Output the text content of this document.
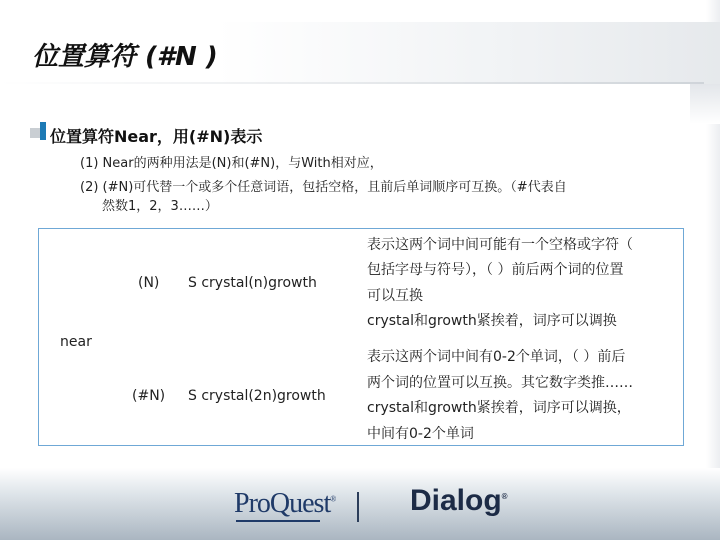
位置算符 (#N )
位置算符Near，用(#N)表示
(1) Near的两种用法是(N)和(#N)，与With相对应，
(2) (#N)可代替一个或多个任意词语，包括空格，且前后单词顺序可互换。（#代表自
然数1，2，3……）
near
(N) S crystal(n)growth
表示这两个词中间可能有一个空格或字符（
包括字母与符号），（ ）前后两个词的位置
可以互换
crystal和growth紧挨着，词序可以调换
(#N) S crystal(2n)growth
表示这两个词中间有0-2个单词，（ ）前后
两个词的位置可以互换。其它数字类推……
crystal和growth紧挨着，词序可以调换，
中间有0-2个单词
ProQuest® Dialog®
